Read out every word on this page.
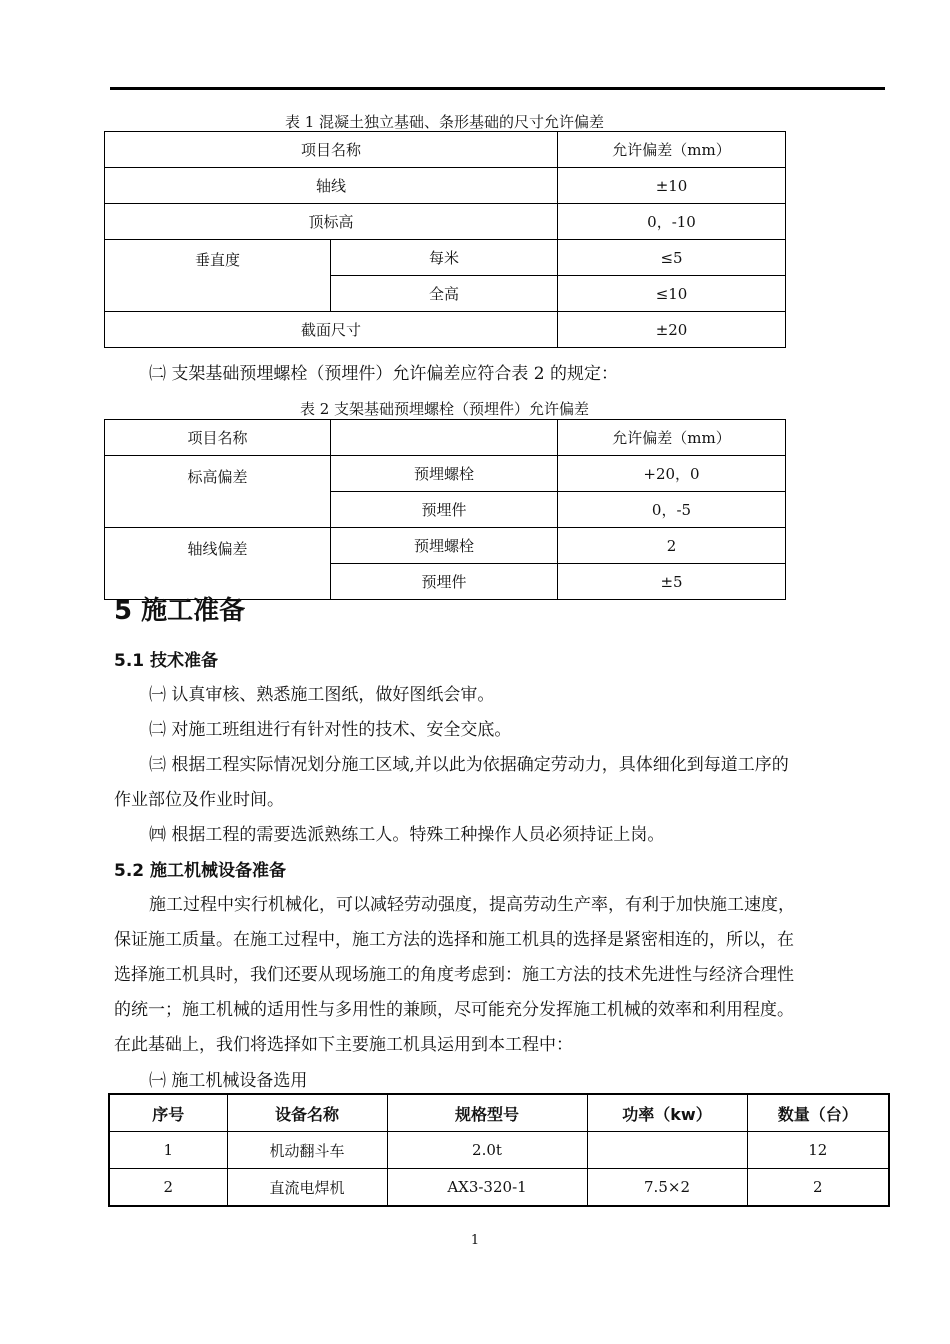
表 1 混凝土独立基础、条形基础的尺寸允许偏差
项目名称		允许偏差（mm）
轴线		±10
顶标高		0，-10
垂直度	每米	≤5
	全高	≤10
截面尺寸		±20
㈡ 支架基础预埋螺栓（预埋件）允许偏差应符合表 2 的规定：
表 2 支架基础预埋螺栓（预埋件）允许偏差
项目名称		允许偏差（mm）
标高偏差	预埋螺栓	+20，0
	预埋件	0，-5
轴线偏差	预埋螺栓	2
	预埋件	±5
5 施工准备
5.1 技术准备
㈠ 认真审核、熟悉施工图纸，做好图纸会审。
㈡ 对施工班组进行有针对性的技术、安全交底。
㈢ 根据工程实际情况划分施工区域,并以此为依据确定劳动力，具体细化到每道工序的
作业部位及作业时间。
㈣ 根据工程的需要选派熟练工人。特殊工种操作人员必须持证上岗。
5.2 施工机械设备准备
施工过程中实行机械化，可以减轻劳动强度，提高劳动生产率，有利于加快施工速度，
保证施工质量。在施工过程中，施工方法的选择和施工机具的选择是紧密相连的，所以，在
选择施工机具时，我们还要从现场施工的角度考虑到：施工方法的技术先进性与经济合理性
的统一；施工机械的适用性与多用性的兼顾，尽可能充分发挥施工机械的效率和利用程度。
在此基础上，我们将选择如下主要施工机具运用到本工程中：
㈠ 施工机械设备选用
序号	设备名称	规格型号	功率（kw）	数量（台）
1	机动翻斗车	2.0t		12
2	直流电焊机	AX3-320-1	7.5×2	2
1
